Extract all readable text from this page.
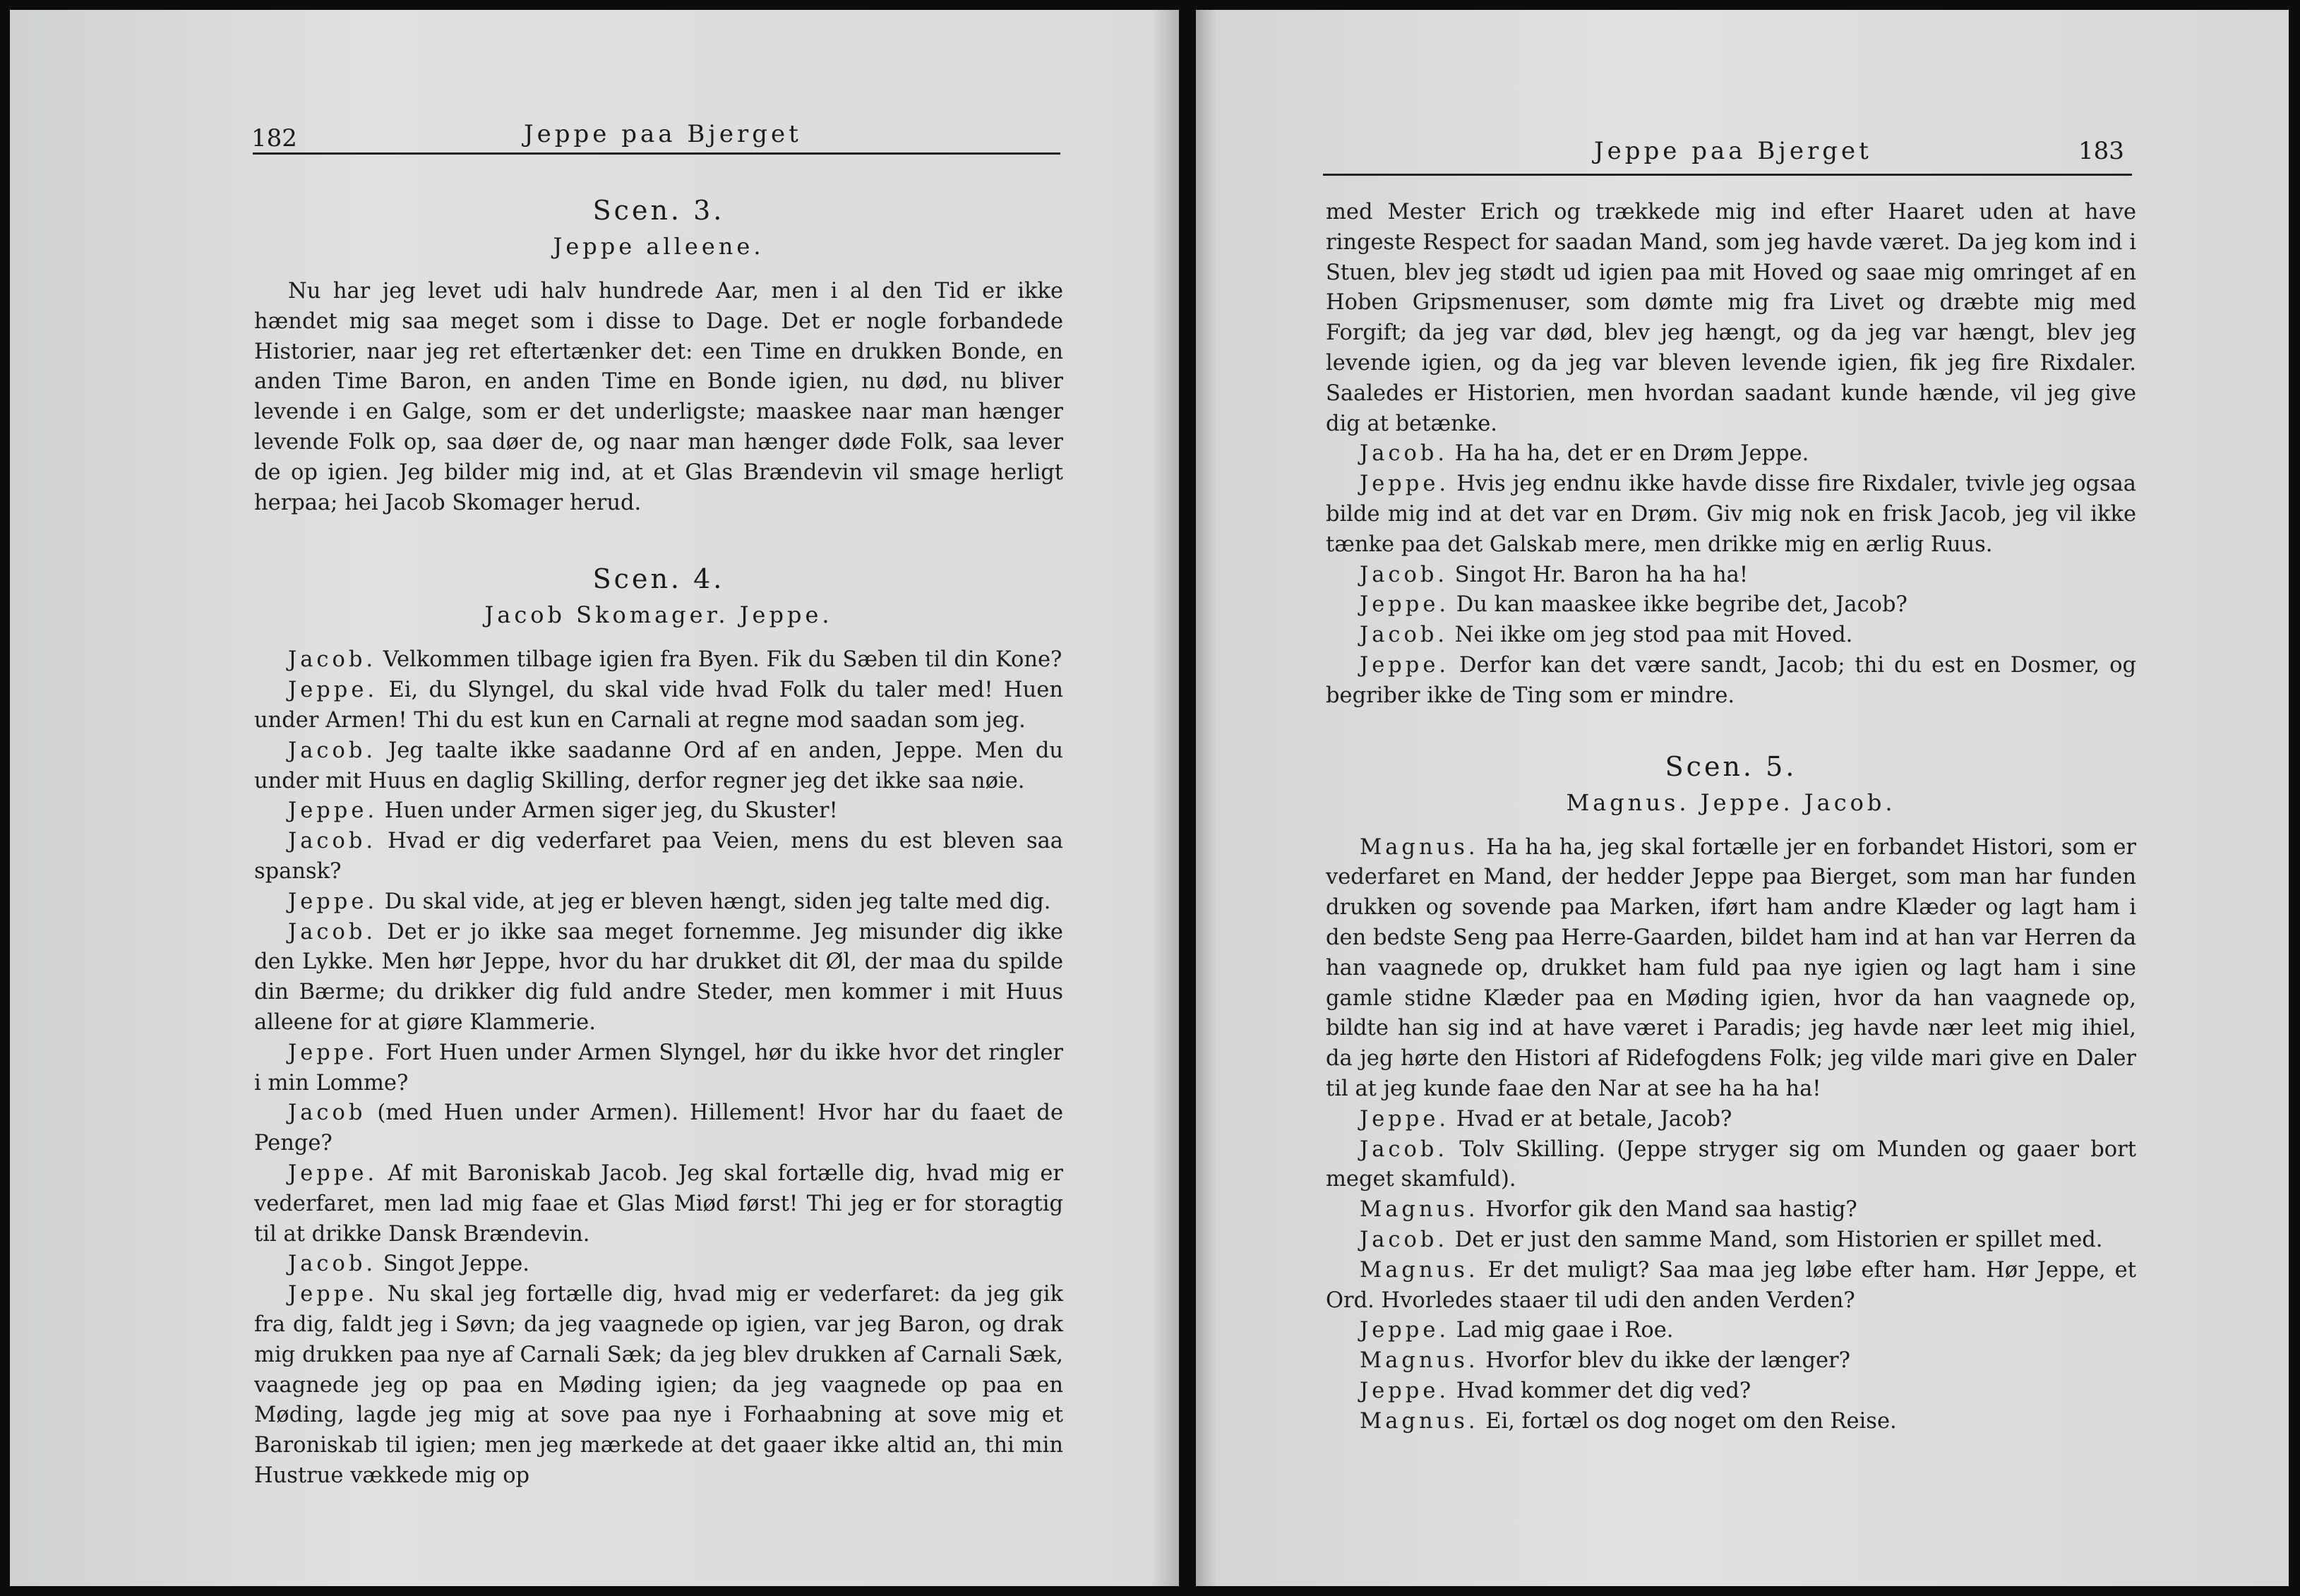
182	Jeppe paa Bjerget
Scen. 3.
Jeppe alleene.

Nu har jeg levet udi halv hundrede Aar, men i al den Tid er ikke hændet mig saa meget som i disse to Dage. Det er nogle forbandede Historier, naar jeg ret eftertænker det: een Time en drukken Bonde, en anden Time Baron, en anden Time en Bonde igien, nu død, nu bliver levende i en Galge, som er det underligste; maaskee naar man hænger levende Folk op, saa døer de, og naar man hænger døde Folk, saa lever de op igien. Jeg bilder mig ind, at et Glas Brændevin vil smage herligt herpaa; hei Jacob Skomager herud.

Scen. 4.
Jacob Skomager. Jeppe.

Jacob. Velkommen tilbage igien fra Byen. Fik du Sæben til din Kone?

Jeppe. Ei, du Slyngel, du skal vide hvad Folk du taler med! Huen under Armen! Thi du est kun en Carnali at regne mod saadan som jeg.

Jacob. Jeg taalte ikke saadanne Ord af en anden, Jeppe. Men du under mit Huus en daglig Skilling, derfor regner jeg det ikke saa nøie.

Jeppe. Huen under Armen siger jeg, du Skuster!

Jacob. Hvad er dig vederfaret paa Veien, mens du est bleven saa spansk?

Jeppe. Du skal vide, at jeg er bleven hængt, siden jeg talte med dig.

Jacob. Det er jo ikke saa meget fornemme. Jeg misunder dig ikke den Lykke. Men hør Jeppe, hvor du har drukket dit Øl, der maa du spilde din Bærme; du drikker dig fuld andre Steder, men kommer i mit Huus alleene for at giøre Klammerie.

Jeppe. Fort Huen under Armen Slyngel, hør du ikke hvor det ringler i min Lomme?

Jacob (med Huen under Armen). Hillement! Hvor har du faaet de Penge?

Jeppe. Af mit Baroniskab Jacob. Jeg skal fortælle dig, hvad mig er vederfaret, men lad mig faae et Glas Miød først! Thi jeg er for storagtig til at drikke Dansk Brændevin.

Jacob. Singot Jeppe.

Jeppe. Nu skal jeg fortælle dig, hvad mig er vederfaret: da jeg gik fra dig, faldt jeg i Søvn; da jeg vaagnede op igien, var jeg Baron, og drak mig drukken paa nye af Carnali Sæk; da jeg blev drukken af Carnali Sæk, vaagnede jeg op paa en Møding igien; da jeg vaagnede op paa en Møding, lagde jeg mig at sove paa nye i Forhaabning at sove mig et Baroniskab til igien; men jeg mærkede at det gaaer ikke altid an, thi min Hustrue vækkede mig op

Jeppe paa Bjerget	183

med Mester Erich og trækkede mig ind efter Haaret uden at have ringeste Respect for saadan Mand, som jeg havde været. Da jeg kom ind i Stuen, blev jeg stødt ud igien paa mit Hoved og saae mig omringet af en Hoben Gripsmenuser, som dømte mig fra Livet og dræbte mig med Forgift; da jeg var død, blev jeg hængt, og da jeg var hængt, blev jeg levende igien, og da jeg var bleven levende igien, fik jeg fire Rixdaler. Saaledes er Historien, men hvordan saadant kunde hænde, vil jeg give dig at betænke.

Jacob. Ha ha ha, det er en Drøm Jeppe.

Jeppe. Hvis jeg endnu ikke havde disse fire Rixdaler, tvivle jeg ogsaa bilde mig ind at det var en Drøm. Giv mig nok en frisk Jacob, jeg vil ikke tænke paa det Galskab mere, men drikke mig en ærlig Ruus.

Jacob. Singot Hr. Baron ha ha ha!

Jeppe. Du kan maaskee ikke begribe det, Jacob?

Jacob. Nei ikke om jeg stod paa mit Hoved.

Jeppe. Derfor kan det være sandt, Jacob; thi du est en Dosmer, og begriber ikke de Ting som er mindre.

Scen. 5.
Magnus. Jeppe. Jacob.

Magnus. Ha ha ha, jeg skal fortælle jer en forbandet Histori, som er vederfaret en Mand, der hedder Jeppe paa Bierget, som man har funden drukken og sovende paa Marken, iført ham andre Klæder og lagt ham i den bedste Seng paa Herre-Gaarden, bildet ham ind at han var Herren da han vaagnede op, drukket ham fuld paa nye igien og lagt ham i sine gamle stidne Klæder paa en Møding igien, hvor da han vaagnede op, bildte han sig ind at have været i Paradis; jeg havde nær leet mig ihiel, da jeg hørte den Histori af Ridefogdens Folk; jeg vilde mari give en Daler til at jeg kunde faae den Nar at see ha ha ha!

Jeppe. Hvad er at betale, Jacob?

Jacob. Tolv Skilling. (Jeppe stryger sig om Munden og gaaer bort meget skamfuld).

Magnus. Hvorfor gik den Mand saa hastig?

Jacob. Det er just den samme Mand, som Historien er spillet med.

Magnus. Er det muligt? Saa maa jeg løbe efter ham. Hør Jeppe, et Ord. Hvorledes staaer til udi den anden Verden?

Jeppe. Lad mig gaae i Roe.

Magnus. Hvorfor blev du ikke der længer?

Jeppe. Hvad kommer det dig ved?

Magnus. Ei, fortæl os dog noget om den Reise.
